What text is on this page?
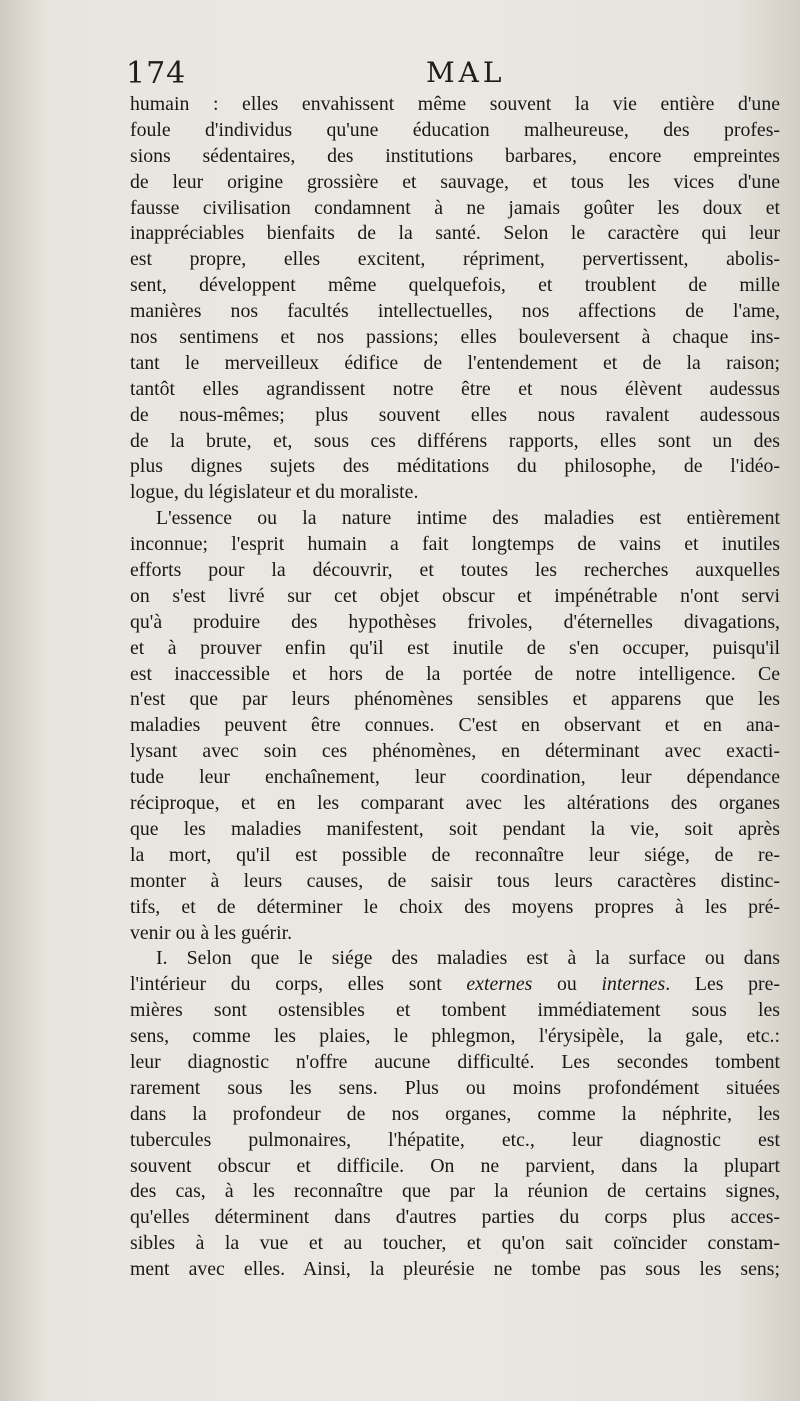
174	MAL
humain : elles envahissent même souvent la vie entière d'une
foule d'individus qu'une éducation malheureuse, des profes-
sions sédentaires, des institutions barbares, encore empreintes
de leur origine grossière et sauvage, et tous les vices d'une
fausse civilisation condamnent à ne jamais goûter les doux et
inappréciables bienfaits de la santé. Selon le caractère qui leur
est propre, elles excitent, répriment, pervertissent, abolis-
sent, développent même quelquefois, et troublent de mille
manières nos facultés intellectuelles, nos affections de l'ame,
nos sentimens et nos passions; elles bouleversent à chaque ins-
tant le merveilleux édifice de l'entendement et de la raison;
tantôt elles agrandissent notre être et nous élèvent audessus
de nous-mêmes; plus souvent elles nous ravalent audessous
de la brute, et, sous ces différens rapports, elles sont un des
plus dignes sujets des méditations du philosophe, de l'idéo-
logue, du législateur et du moraliste.
L'essence ou la nature intime des maladies est entièrement
inconnue; l'esprit humain a fait longtemps de vains et inutiles
efforts pour la découvrir, et toutes les recherches auxquelles
on s'est livré sur cet objet obscur et impénétrable n'ont servi
qu'à produire des hypothèses frivoles, d'éternelles divagations,
et à prouver enfin qu'il est inutile de s'en occuper, puisqu'il
est inaccessible et hors de la portée de notre intelligence. Ce
n'est que par leurs phénomènes sensibles et apparens que les
maladies peuvent être connues. C'est en observant et en ana-
lysant avec soin ces phénomènes, en déterminant avec exacti-
tude leur enchaînement, leur coordination, leur dépendance
réciproque, et en les comparant avec les altérations des organes
que les maladies manifestent, soit pendant la vie, soit après
la mort, qu'il est possible de reconnaître leur siége, de re-
monter à leurs causes, de saisir tous leurs caractères distinc-
tifs, et de déterminer le choix des moyens propres à les pré-
venir ou à les guérir.
I. Selon que le siége des maladies est à la surface ou dans
l'intérieur du corps, elles sont externes ou internes. Les pre-
mières sont ostensibles et tombent immédiatement sous les
sens, comme les plaies, le phlegmon, l'érysipèle, la gale, etc.:
leur diagnostic n'offre aucune difficulté. Les secondes tombent
rarement sous les sens. Plus ou moins profondément situées
dans la profondeur de nos organes, comme la néphrite, les
tubercules pulmonaires, l'hépatite, etc., leur diagnostic est
souvent obscur et difficile. On ne parvient, dans la plupart
des cas, à les reconnaître que par la réunion de certains signes,
qu'elles déterminent dans d'autres parties du corps plus acces-
sibles à la vue et au toucher, et qu'on sait coïncider constam-
ment avec elles. Ainsi, la pleurésie ne tombe pas sous les sens;
